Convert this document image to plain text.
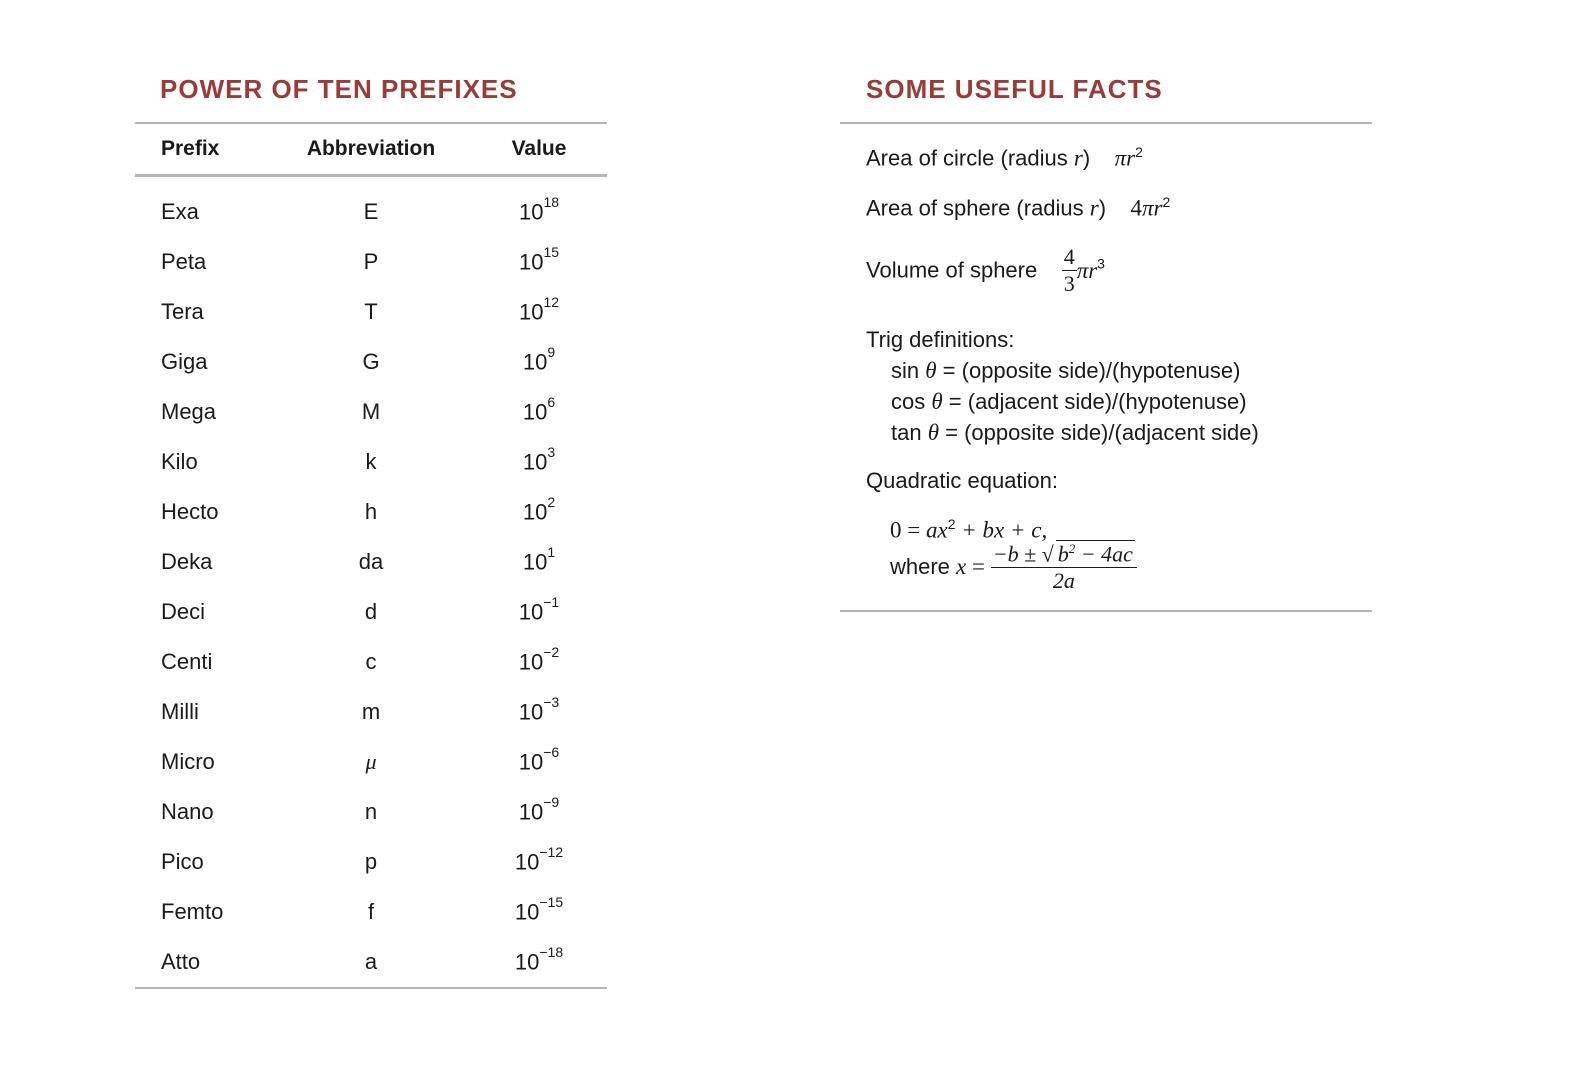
POWER OF TEN PREFIXES
Prefix	Abbreviation	Value
Exa	E	$10^{18}$
Peta	P	$10^{15}$
Tera	T	$10^{12}$
Giga	G	$10^9$
Mega	M	$10^6$
Kilo	k	$10^3$
Hecto	h	$10^2$
Deka	da	$10^1$
Deci	d	$10^{-1}$
Centi	c	$10^{-2}$
Milli	m	$10^{-3}$
Micro	μ	$10^{-6}$
Nano	n	$10^{-9}$
Pico	p	$10^{-12}$
Femto	f	$10^{-15}$
Atto	a	$10^{-18}$
SOME USEFUL FACTS
Area of circle (radius r) $\pi r^2$
Area of sphere (radius r) $4\pi r^2$
Volume of sphere $\frac{4}{3} \pi r^3$
Trig definitions:
sin θ = (opposite side)/(hypotenuse)
cos θ = (adjacent side)/(hypotenuse)
tan θ = (opposite side)/(adjacent side)
Quadratic equation:
$0 = ax^2$ + bx + c,
where $x = \frac{-b \pm √ b^2 - 4ac}{2a}$
